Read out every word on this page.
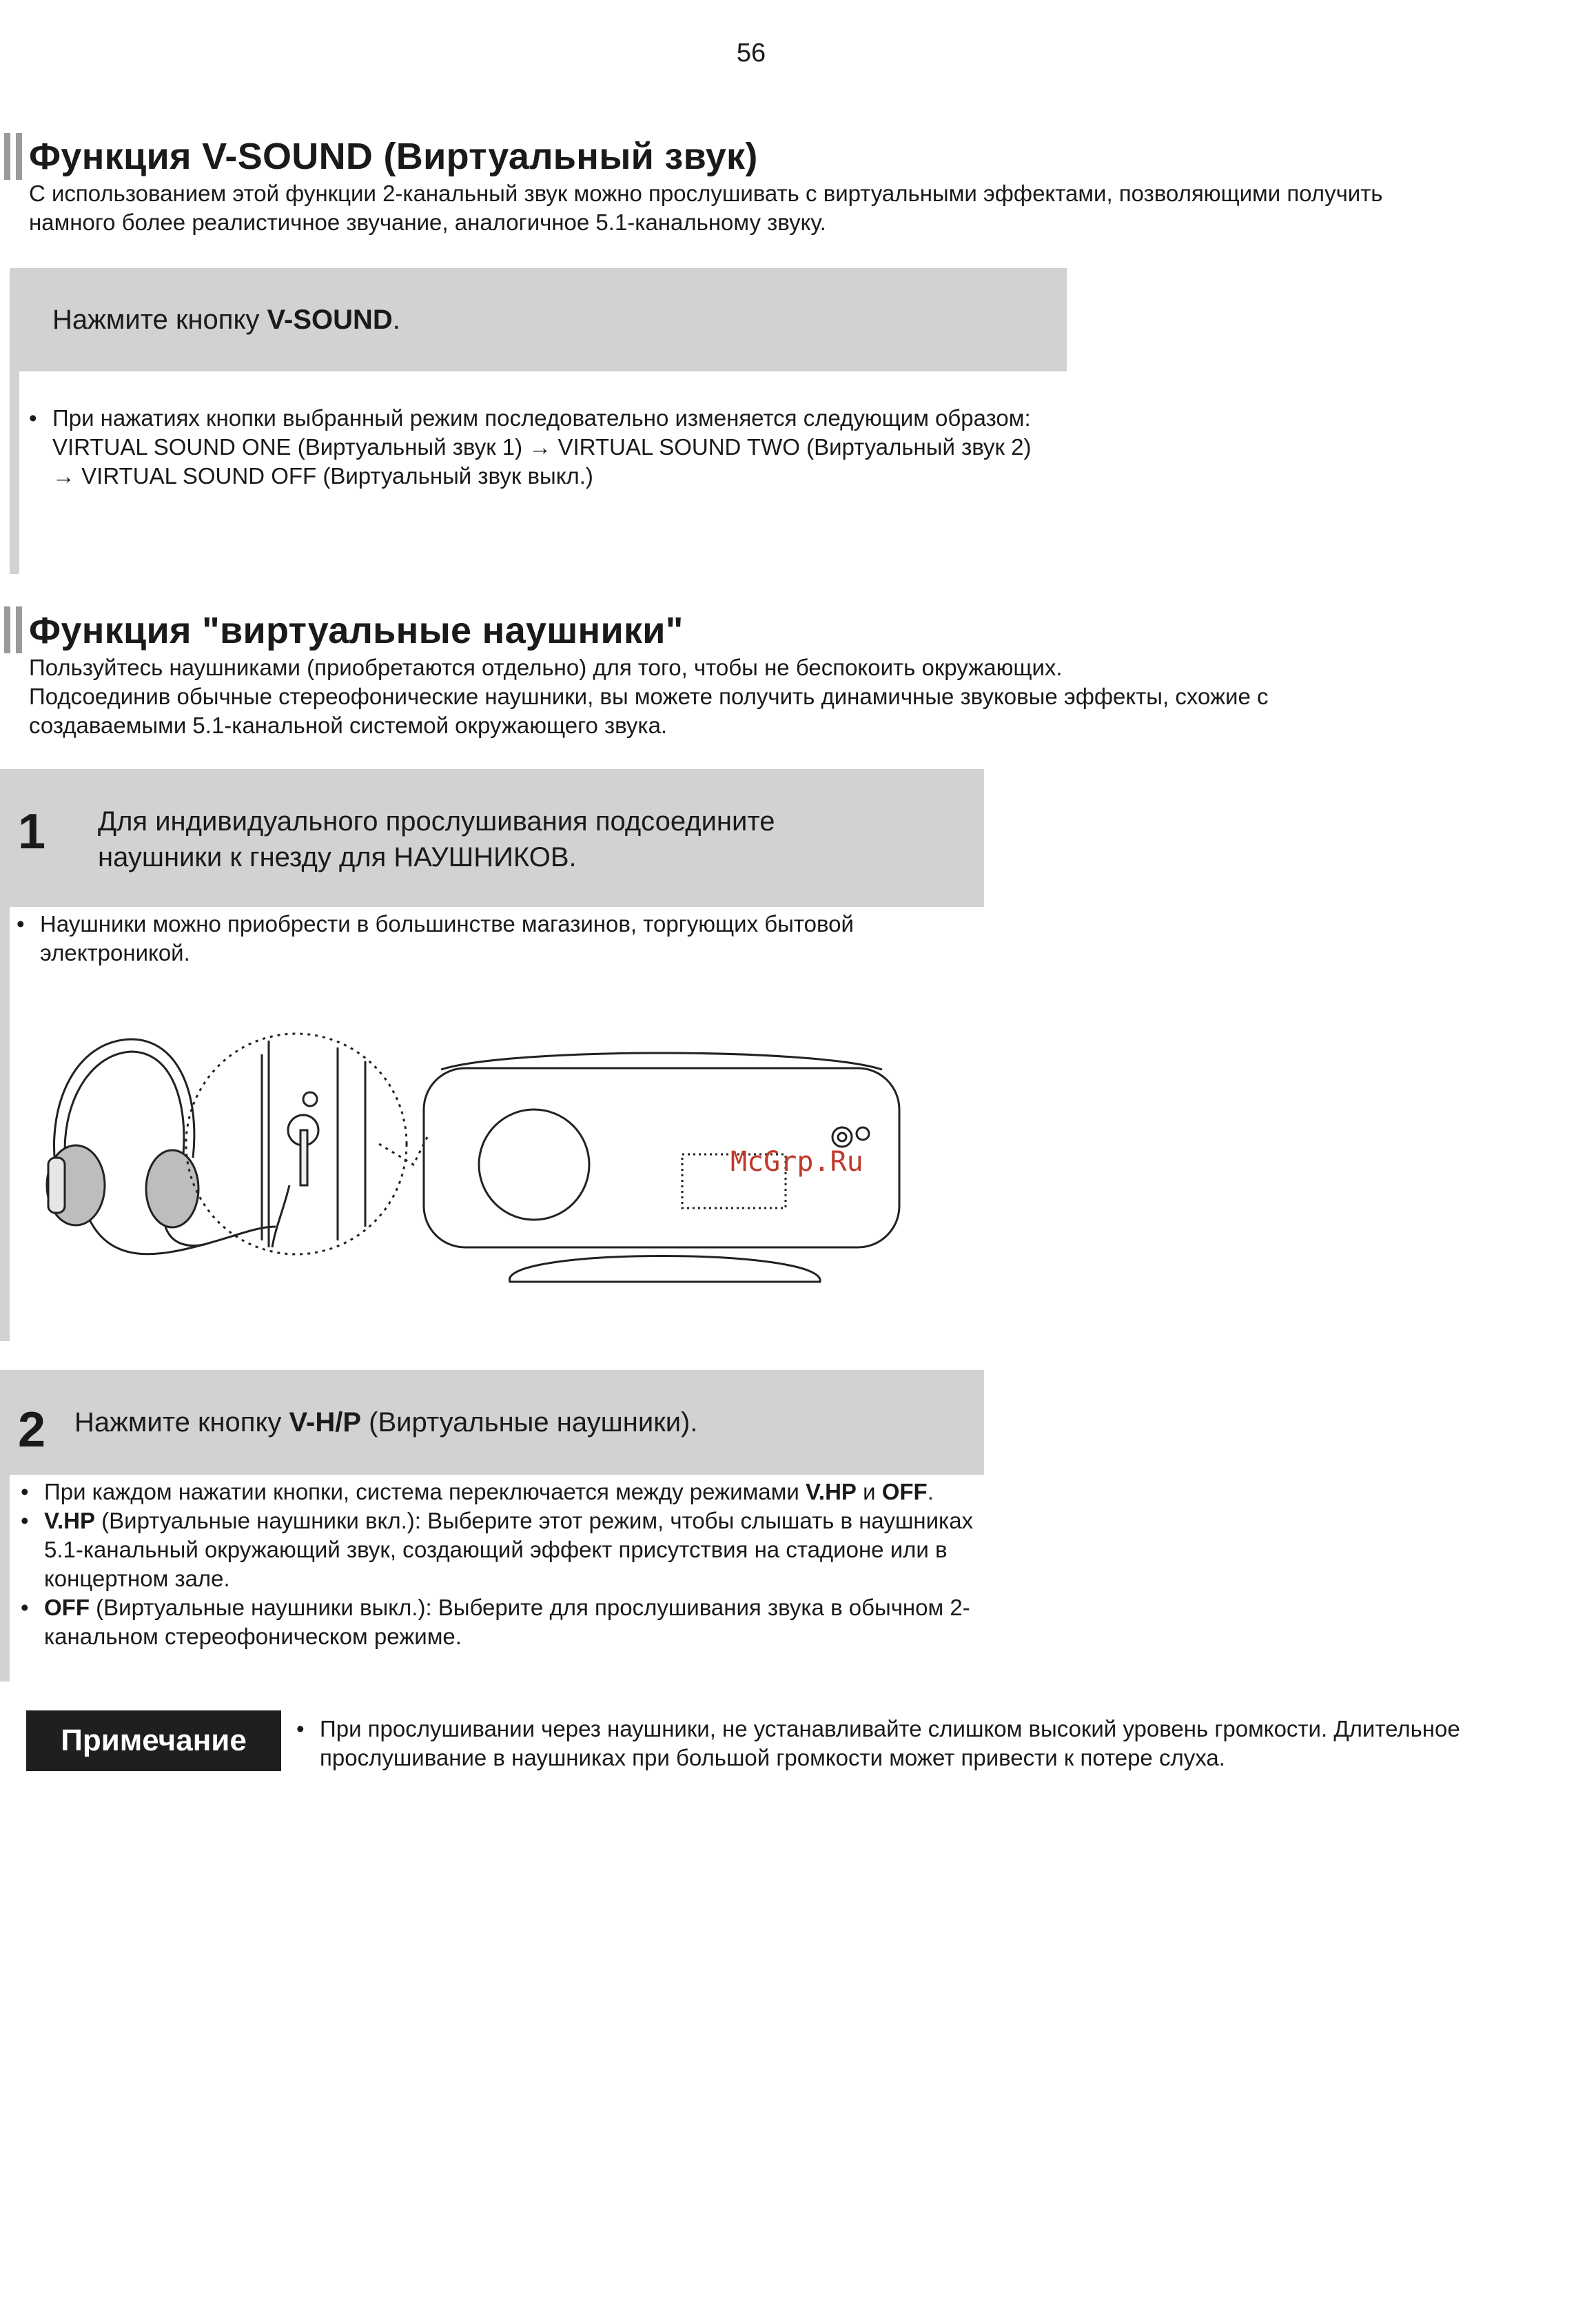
56
Функция V-SOUND (Виртуальный звук)
С использованием этой функции 2-канальный звук можно прослушивать с виртуальными эффектами, позволяющими получить намного более реалистичное звучание, аналогичное 5.1-канальному звуку.
Нажмите кнопку V-SOUND.
• При нажатиях кнопки выбранный режим последовательно изменяется следующим образом:
VIRTUAL SOUND ONE (Виртуальный звук 1) → VIRTUAL SOUND TWO (Виртуальный звук 2) → VIRTUAL SOUND OFF (Виртуальный звук выкл.)
Функция "виртуальные наушники"
Пользуйтесь наушниками (приобретаются отдельно) для того, чтобы не беспокоить окружающих.
Подсоединив обычные стереофонические наушники, вы можете получить динамичные звуковые эффекты, схожие с создаваемыми 5.1-канальной системой окружающего звука.
1 Для индивидуального прослушивания подсоедините наушники к гнезду для НАУШНИКОВ.
• Наушники можно приобрести в большинстве магазинов, торгующих бытовой электроникой.
McGrp.Ru
2 Нажмите кнопку V-H/P (Виртуальные наушники).
• При каждом нажатии кнопки, система переключается между режимами V.HP и OFF.
• V.HP (Виртуальные наушники вкл.): Выберите этот режим, чтобы слышать в наушниках 5.1-канальный окружающий звук, создающий эффект присутствия на стадионе или в концертном зале.
• OFF (Виртуальные наушники выкл.): Выберите для прослушивания звука в обычном 2-канальном стереофоническом режиме.
Примечание
•	При прослушивании через наушники, не устанавливайте слишком высокий уровень громкости. Длительное прослушивание в наушниках при большой громкости может привести к потере слуха.
